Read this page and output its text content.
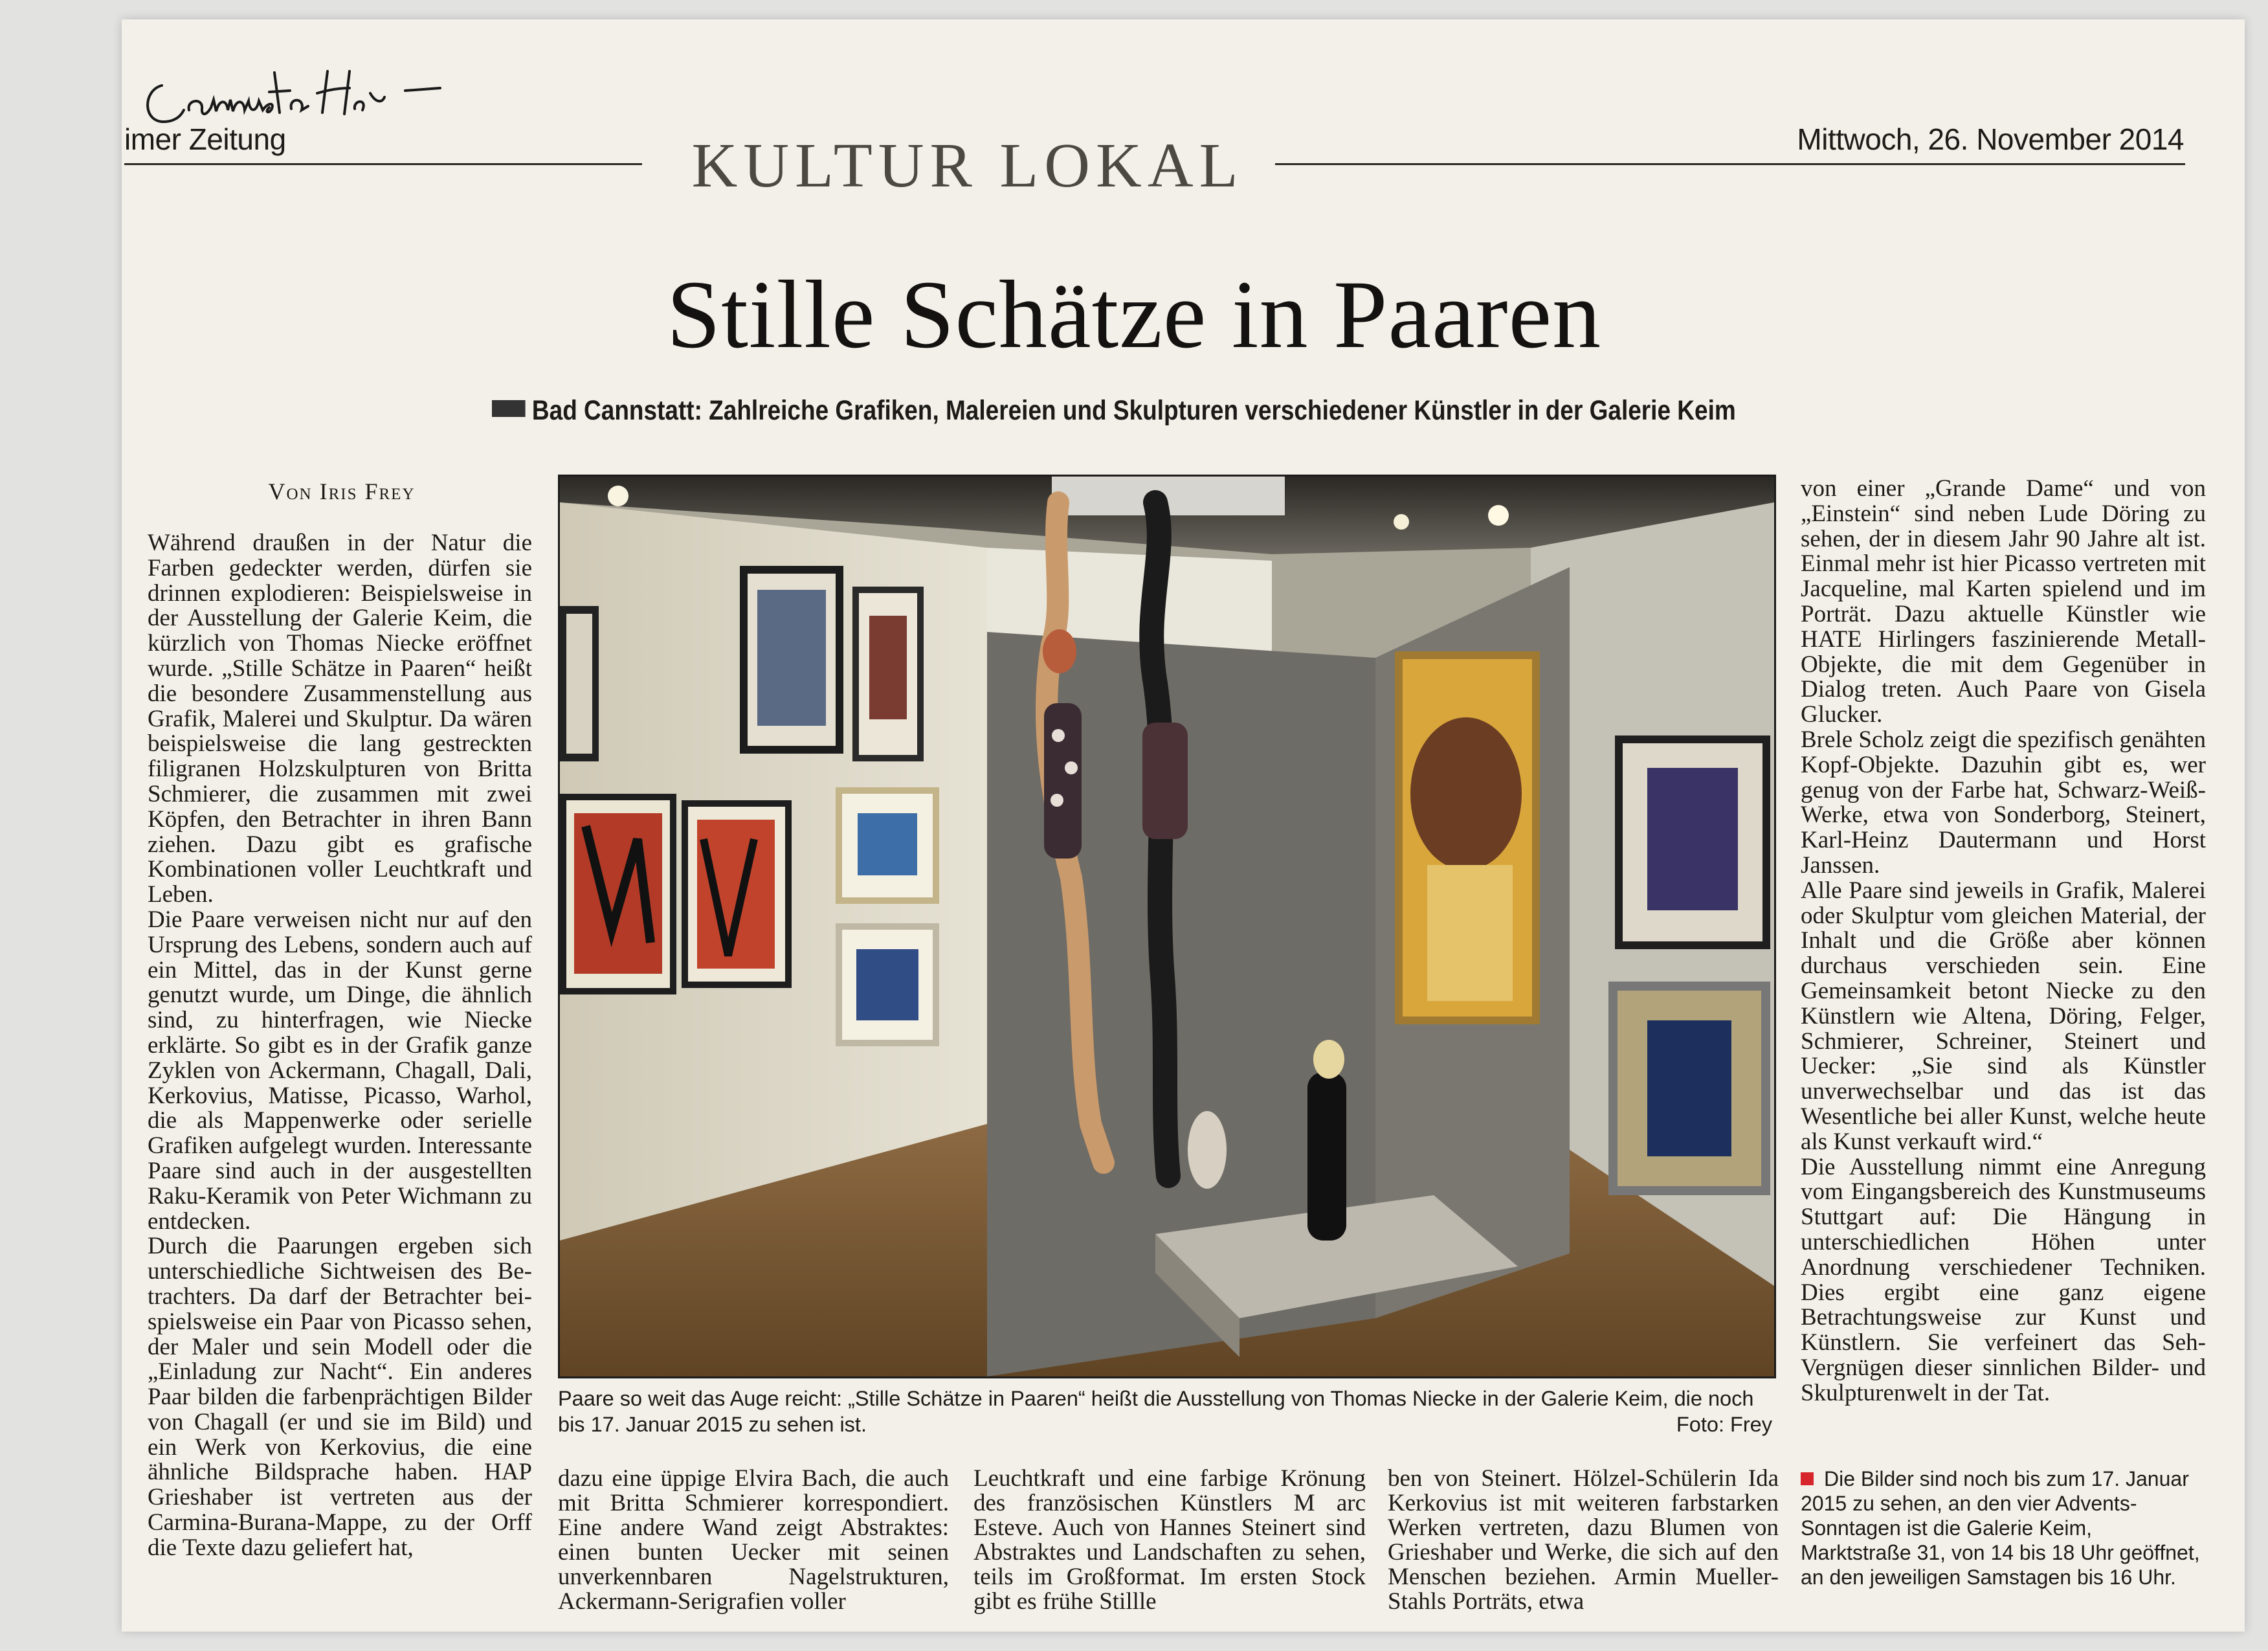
imer Zeitung	Mittwoch, 26. November 2014
KULTUR LOKAL
Stille Schätze in Paaren
Bad Cannstatt: Zahlreiche Grafiken, Malereien und Skulpturen verschiedener Künstler in der Galerie Keim
Von Iris Frey

Während draußen in der Natur die Farben gedeckter werden, dürfen sie drinnen explodieren: Beispielsweise in der Ausstellung der Galerie Keim, die kürzlich von Thomas Niecke eröffnet wurde. „Stille Schätze in Paaren“ heißt die besondere Zusammenstellung aus Grafik, Malerei und Skulptur. Da wären beispielsweise die lang gestreckten filigranen Holzskulpturen von Britta Schmierer, die zusammen mit zwei Köpfen, den Betrachter in ihren Bann ziehen. Dazu gibt es grafische Kombinationen voller Leuchtkraft und Leben.

Die Paare verweisen nicht nur auf den Ursprung des Lebens, sondern auch auf ein Mittel, das in der Kunst gerne genutzt wurde, um Dinge, die ähnlich sind, zu hinterfragen, wie Niecke erklärte. So gibt es in der Grafik ganze Zyklen von Ackermann, Chagall, Dali, Kerkovius, Matisse, Picasso, Warhol, die als Mappenwerke oder serielle Grafiken aufgelegt wurden. Interessante Paare sind auch in der ausgestellten Raku-Keramik von Peter Wichmann zu entdecken.

Durch die Paarungen ergeben sich unterschiedliche Sichtweisen des Betrachters. Da darf der Betrachter beispielsweise ein Paar von Picasso sehen, der Maler und sein Modell oder die „Einladung zur Nacht“. Ein anderes Paar bilden die farbenprächtigen Bilder von Chagall (er und sie im Bild) und ein Werk von Kerkovius, die eine ähnliche Bildsprache haben. HAP Grieshaber ist vertreten aus der Carmina-Burana-Mappe, zu der Orff die Texte dazu geliefert hat,

Paare so weit das Auge reicht: „Stille Schätze in Paaren“ heißt die Ausstellung von Thomas Niecke in der Galerie Keim, die noch bis 17. Januar 2015 zu sehen ist.	Foto: Frey

dazu eine üppige Elvira Bach, die auch mit Britta Schmierer korrespondiert. Eine andere Wand zeigt Abstraktes: einen bunten Uecker mit seinen unverkennbaren Nagelstrukturen, Ackermann-Serigrafien voller

Leuchtkraft und eine farbige Krönung des französischen Künstlers M arc Esteve. Auch von Hannes Steinert sind Abstraktes und Landschaften zu sehen, teils im Großformat. Im ersten Stock gibt es frühe Stillle

ben von Steinert. Hölzel-Schülerin Ida Kerkovius ist mit weiteren farbstarken Werken vertreten, dazu Blumen von Grieshaber und Werke, die sich auf den Menschen beziehen. Armin Mueller-Stahls Porträts, etwa

von einer „Grande Dame“ und von „Einstein“ sind neben Lude Döring zu sehen, der in diesem Jahr 90 Jahre alt ist. Einmal mehr ist hier Picasso vertreten mit Jacqueline, mal Karten spielend und im Porträt. Dazu aktuelle Künstler wie HATE Hirlingers faszinierende Metall-Objekte, die mit dem Gegenüber in Dialog treten. Auch Paare von Gisela Glucker.

Brele Scholz zeigt die spezifisch genähten Kopf-Objekte. Dazuhin gibt es, wer genug von der Farbe hat, Schwarz-Weiß-Werke, etwa von Sonderborg, Steinert, Karl-Heinz Dautermann und Horst Janssen.

Alle Paare sind jeweils in Grafik, Malerei oder Skulptur vom gleichen Material, der Inhalt und die Größe aber können durchaus verschieden sein. Eine Gemeinsamkeit betont Niecke zu den Künstlern wie Altena, Döring, Felger, Schmierer, Schreiner, Steinert und Uecker: „Sie sind als Künstler unverwechselbar und das ist das Wesentliche bei aller Kunst, welche heute als Kunst verkauft wird.“

Die Ausstellung nimmt eine Anregung vom Eingangsbereich des Kunstmuseums Stuttgart auf: Die Hängung in unterschiedlichen Höhen unter Anordnung verschiedener Techniken. Dies ergibt eine ganz eigene Betrachtungsweise zur Kunst und Künstlern. Sie verfeinert das Seh-Vergnügen dieser sinnlichen Bilder- und Skulpturenwelt in der Tat.

Die Bilder sind noch bis zum 17. Januar 2015 zu sehen, an den vier Advents-Sonntagen ist die Galerie Keim, Marktstraße 31, von 14 bis 18 Uhr geöffnet, an den jeweiligen Samstagen bis 16 Uhr.
